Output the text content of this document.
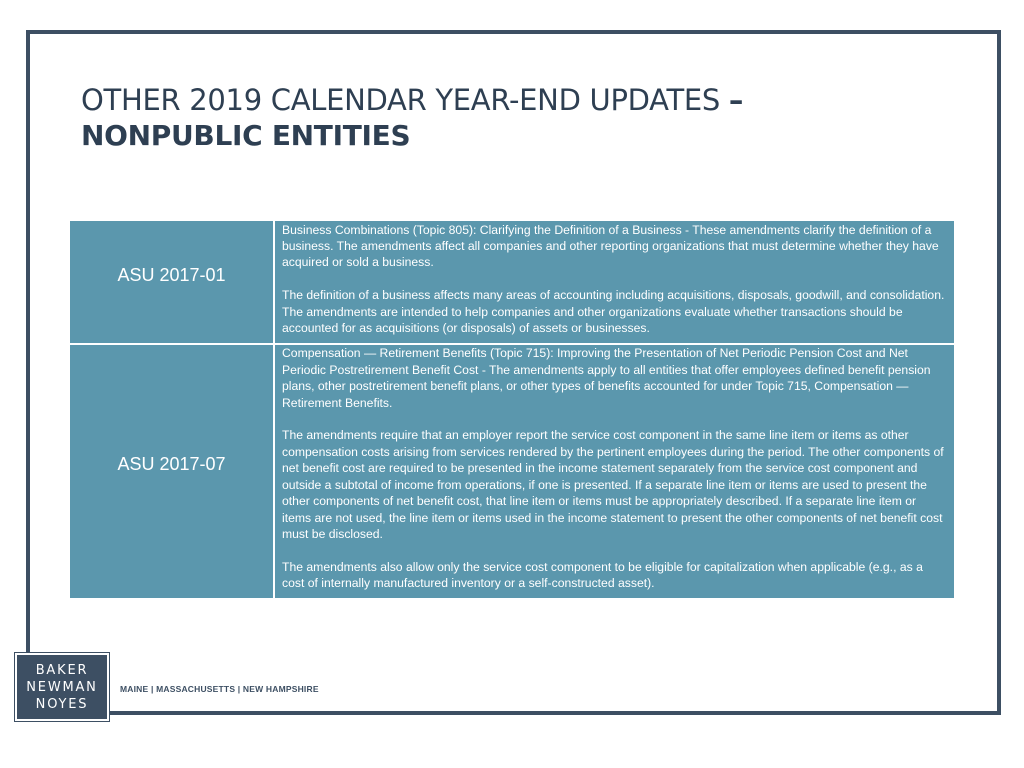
OTHER 2019 CALENDAR YEAR-END UPDATES –
NONPUBLIC ENTITIES
ASU 2017-01	Business Combinations (Topic 805): Clarifying the Definition of a Business - These amendments clarify the definition of a business. The amendments affect all companies and other reporting organizations that must determine whether they have acquired or sold a business.

The definition of a business affects many areas of accounting including acquisitions, disposals, goodwill, and consolidation. The amendments are intended to help companies and other organizations evaluate whether transactions should be accounted for as acquisitions (or disposals) of assets or businesses.

ASU 2017-07	Compensation — Retirement Benefits (Topic 715): Improving the Presentation of Net Periodic Pension Cost and Net Periodic Postretirement Benefit Cost - The amendments apply to all entities that offer employees defined benefit pension plans, other postretirement benefit plans, or other types of benefits accounted for under Topic 715, Compensation — Retirement Benefits.

The amendments require that an employer report the service cost component in the same line item or items as other compensation costs arising from services rendered by the pertinent employees during the period. The other components of net benefit cost are required to be presented in the income statement separately from the service cost component and outside a subtotal of income from operations, if one is presented. If a separate line item or items are used to present the other components of net benefit cost, that line item or items must be appropriately described. If a separate line item or items are not used, the line item or items used in the income statement to present the other components of net benefit cost must be disclosed.

The amendments also allow only the service cost component to be eligible for capitalization when applicable (e.g., as a cost of internally manufactured inventory or a self-constructed asset).

BAKER
NEWMAN
NOYES
MAINE | MASSACHUSETTS | NEW HAMPSHIRE
